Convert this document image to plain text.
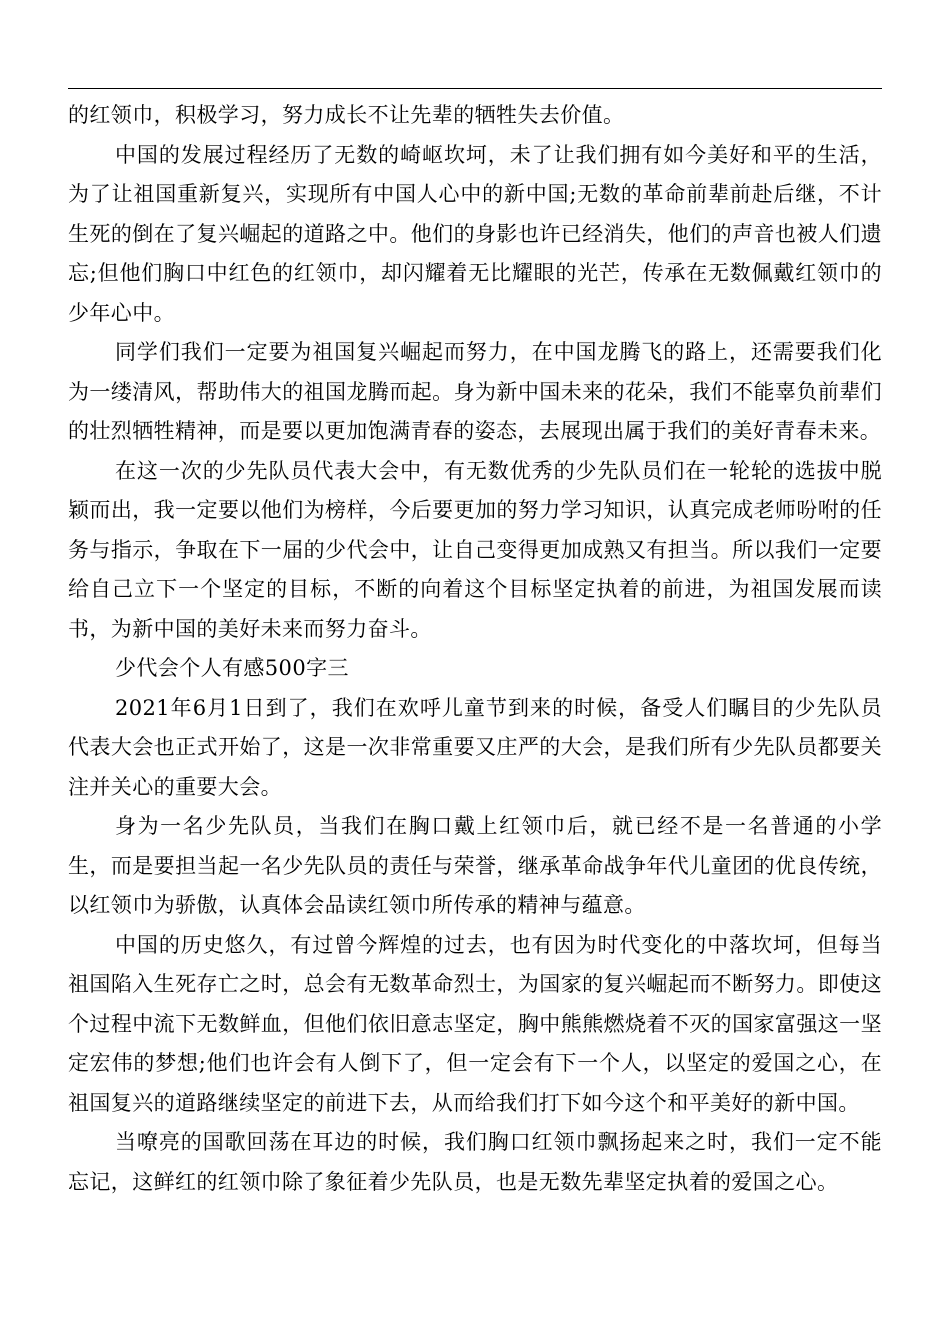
的红领巾，积极学习，努力成长不让先辈的牺牲失去价值。

中国的发展过程经历了无数的崎岖坎坷，未了让我们拥有如今美好和平的生活，为了让祖国重新复兴，实现所有中国人心中的新中国;无数的革命前辈前赴后继，不计生死的倒在了复兴崛起的道路之中。他们的身影也许已经消失，他们的声音也被人们遗忘;但他们胸口中红色的红领巾，却闪耀着无比耀眼的光芒，传承在无数佩戴红领巾的少年心中。

同学们我们一定要为祖国复兴崛起而努力，在中国龙腾飞的路上，还需要我们化为一缕清风，帮助伟大的祖国龙腾而起。身为新中国未来的花朵，我们不能辜负前辈们的壮烈牺牲精神，而是要以更加饱满青春的姿态，去展现出属于我们的美好青春未来。

在这一次的少先队员代表大会中，有无数优秀的少先队员们在一轮轮的选拔中脱颖而出，我一定要以他们为榜样，今后要更加的努力学习知识，认真完成老师吩咐的任务与指示，争取在下一届的少代会中，让自己变得更加成熟又有担当。所以我们一定要给自己立下一个坚定的目标，不断的向着这个目标坚定执着的前进，为祖国发展而读书，为新中国的美好未来而努力奋斗。

少代会个人有感500字三

2021年6月1日到了，我们在欢呼儿童节到来的时候，备受人们瞩目的少先队员代表大会也正式开始了，这是一次非常重要又庄严的大会，是我们所有少先队员都要关注并关心的重要大会。

身为一名少先队员，当我们在胸口戴上红领巾后，就已经不是一名普通的小学生，而是要担当起一名少先队员的责任与荣誉，继承革命战争年代儿童团的优良传统，以红领巾为骄傲，认真体会品读红领巾所传承的精神与蕴意。

中国的历史悠久，有过曾今辉煌的过去，也有因为时代变化的中落坎坷，但每当祖国陷入生死存亡之时，总会有无数革命烈士，为国家的复兴崛起而不断努力。即使这个过程中流下无数鲜血，但他们依旧意志坚定，胸中熊熊燃烧着不灭的国家富强这一坚定宏伟的梦想;他们也许会有人倒下了，但一定会有下一个人，以坚定的爱国之心，在祖国复兴的道路继续坚定的前进下去，从而给我们打下如今这个和平美好的新中国。

当嘹亮的国歌回荡在耳边的时候，我们胸口红领巾飘扬起来之时，我们一定不能忘记，这鲜红的红领巾除了象征着少先队员，也是无数先辈坚定执着的爱国之心。
